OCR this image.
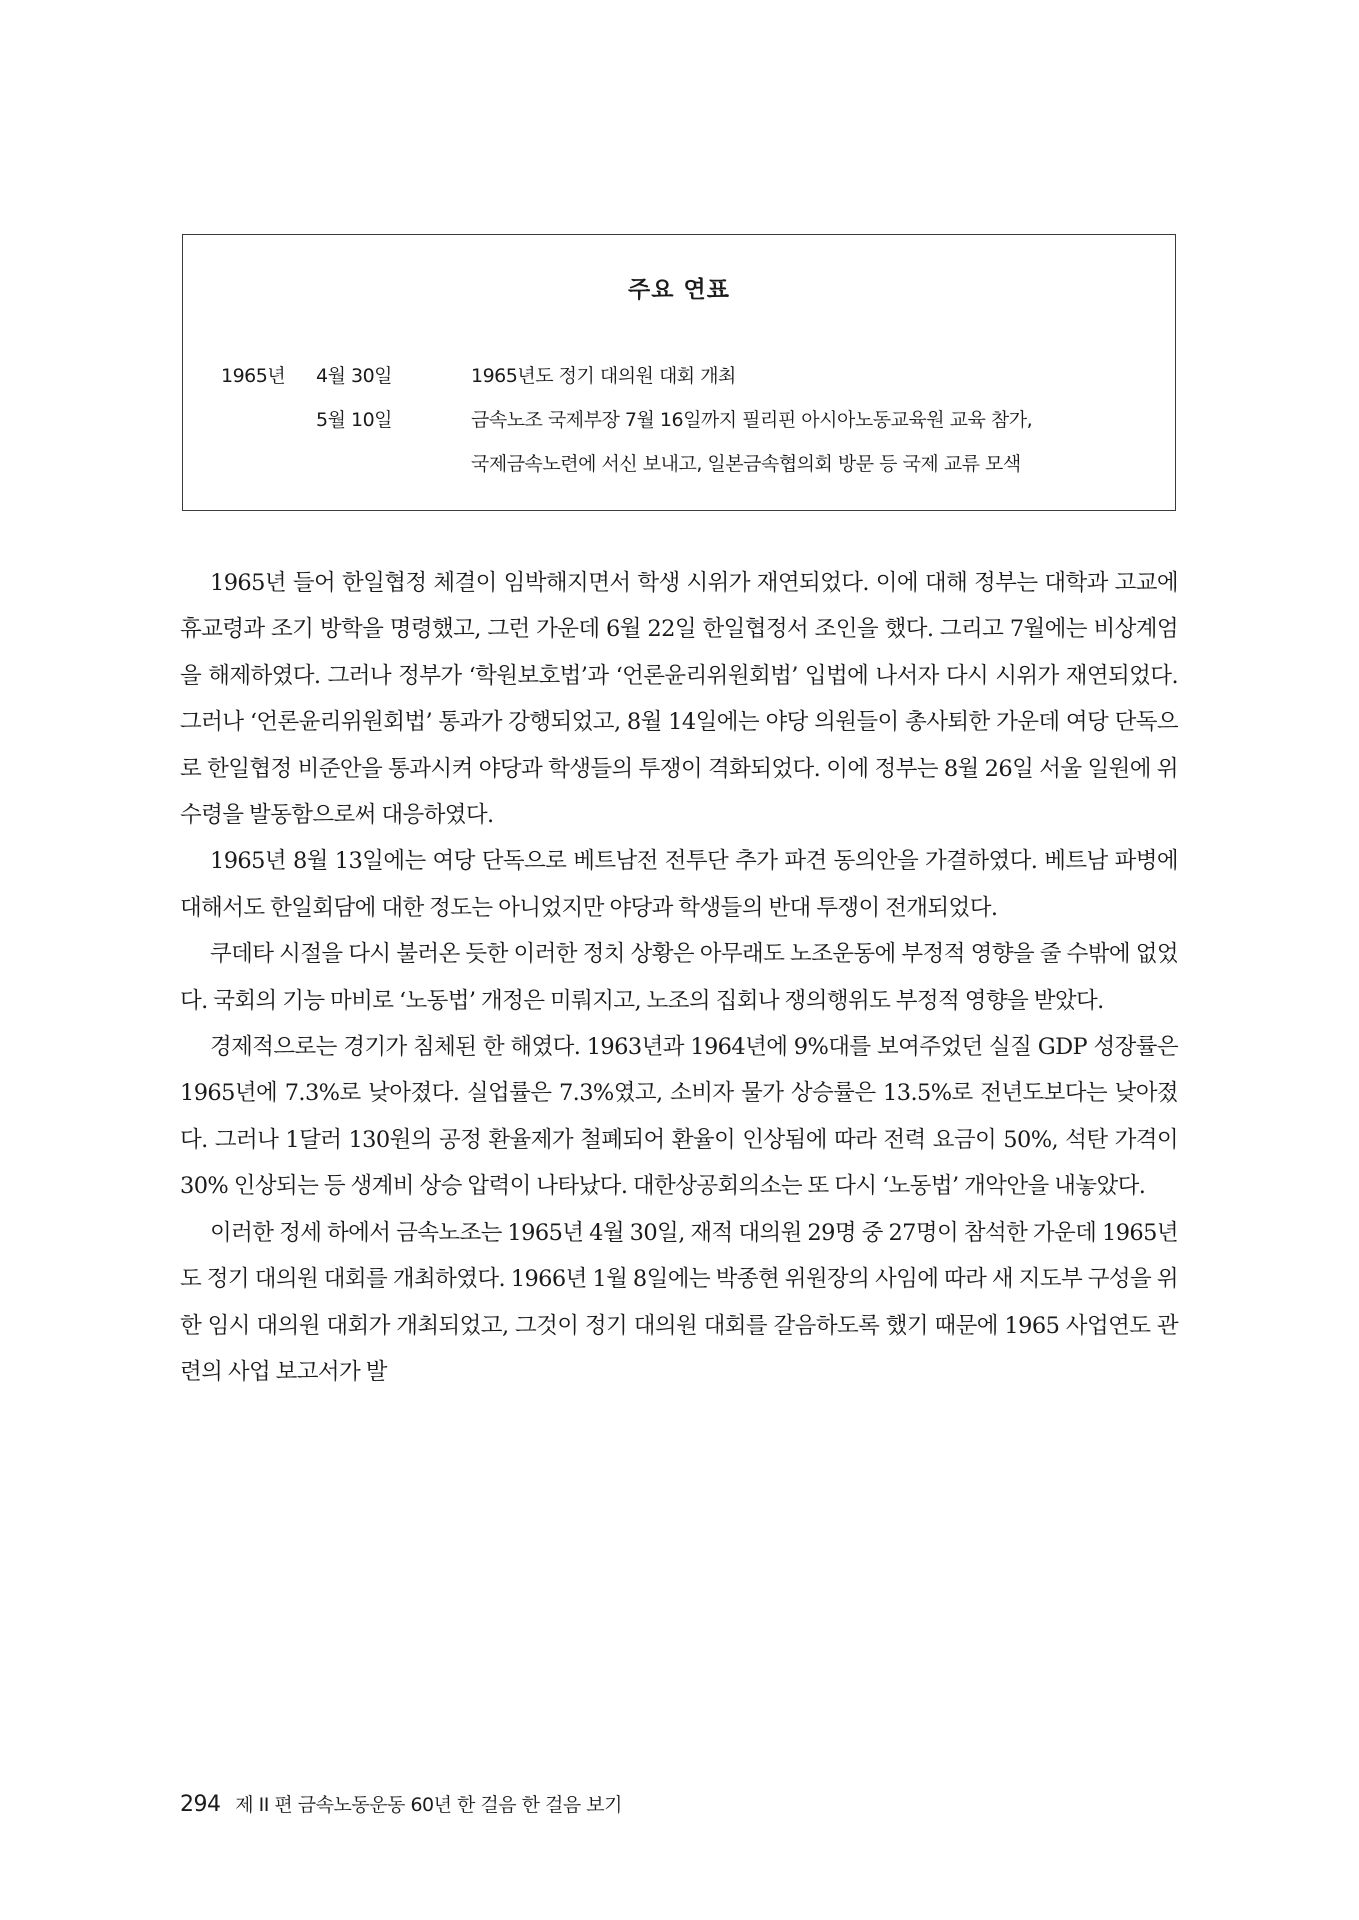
주요 연표
1965년 4월 30일	1965년도 정기 대의원 대회 개최
5월 10일	금속노조 국제부장 7월 16일까지 필리핀 아시아노동교육원 교육 참가,
국제금속노련에 서신 보내고, 일본금속협의회 방문 등 국제 교류 모색

1965년 들어 한일협정 체결이 임박해지면서 학생 시위가 재연되었다. 이에 대해 정부는 대학과 고교에 휴교령과 조기 방학을 명령했고, 그런 가운데 6월 22일 한일협정서 조인을 했다. 그리고 7월에는 비상계엄을 해제하였다. 그러나 정부가 ‘학원보호법’과 ‘언론윤리위원회법’ 입법에 나서자 다시 시위가 재연되었다. 그러나 ‘언론윤리위원회법’ 통과가 강행되었고, 8월 14일에는 야당 의원들이 총사퇴한 가운데 여당 단독으로 한일협정 비준안을 통과시켜 야당과 학생들의 투쟁이 격화되었다. 이에 정부는 8월 26일 서울 일원에 위수령을 발동함으로써 대응하였다.

1965년 8월 13일에는 여당 단독으로 베트남전 전투단 추가 파견 동의안을 가결하였다. 베트남 파병에 대해서도 한일회담에 대한 정도는 아니었지만 야당과 학생들의 반대 투쟁이 전개되었다.

쿠데타 시절을 다시 불러온 듯한 이러한 정치 상황은 아무래도 노조운동에 부정적 영향을 줄 수밖에 없었다. 국회의 기능 마비로 ‘노동법’ 개정은 미뤄지고, 노조의 집회나 쟁의행위도 부정적 영향을 받았다.

경제적으로는 경기가 침체된 한 해였다. 1963년과 1964년에 9%대를 보여주었던 실질 GDP 성장률은 1965년에 7.3%로 낮아졌다. 실업률은 7.3%였고, 소비자 물가 상승률은 13.5%로 전년도보다는 낮아졌다. 그러나 1달러 130원의 공정 환율제가 철폐되어 환율이 인상됨에 따라 전력 요금이 50%, 석탄 가격이 30% 인상되는 등 생계비 상승 압력이 나타났다. 대한상공회의소는 또 다시 ‘노동법’ 개악안을 내놓았다.

이러한 정세 하에서 금속노조는 1965년 4월 30일, 재적 대의원 29명 중 27명이 참석한 가운데 1965년도 정기 대의원 대회를 개최하였다. 1966년 1월 8일에는 박종현 위원장의 사임에 따라 새 지도부 구성을 위한 임시 대의원 대회가 개최되었고, 그것이 정기 대의원 대회를 갈음하도록 했기 때문에 1965 사업연도 관련의 사업 보고서가 발

294 제 II 편 금속노동운동 60년 한 걸음 한 걸음 보기
